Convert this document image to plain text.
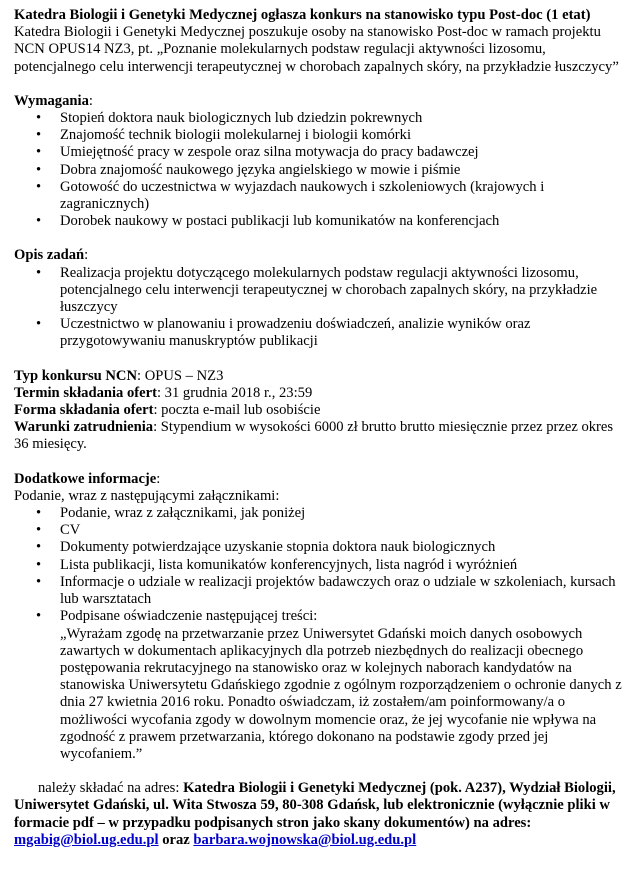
Katedra Biologii i Genetyki Medycznej ogłasza konkurs na stanowisko typu Post-doc (1 etat)

Katedra Biologii i Genetyki Medycznej poszukuje osoby na stanowisko Post-doc w ramach projektu NCN OPUS14 NZ3, pt. „Poznanie molekularnych podstaw regulacji aktywności lizosomu, potencjalnego celu interwencji terapeutycznej w chorobach zapalnych skóry, na przykładzie łuszczycy”

Wymagania:

• Stopień doktora nauk biologicznych lub dziedzin pokrewnych
• Znajomość technik biologii molekularnej i biologii komórki
• Umiejętność pracy w zespole oraz silna motywacja do pracy badawczej
• Dobra znajomość naukowego języka angielskiego w mowie i piśmie
• Gotowość do uczestnictwa w wyjazdach naukowych i szkoleniowych (krajowych i zagranicznych)
• Dorobek naukowy w postaci publikacji lub komunikatów na konferencjach

Opis zadań:

• Realizacja projektu dotyczącego molekularnych podstaw regulacji aktywności lizosomu, potencjalnego celu interwencji terapeutycznej w chorobach zapalnych skóry, na przykładzie łuszczycy
• Uczestnictwo w planowaniu i prowadzeniu doświadczeń, analizie wyników oraz przygotowywaniu manuskryptów publikacji

Typ konkursu NCN: OPUS – NZ3

Termin składania ofert: 31 grudnia 2018 r., 23:59

Forma składania ofert: poczta e-mail lub osobiście

Warunki zatrudnienia: Stypendium w wysokości 6000 zł brutto brutto miesięcznie przez przez okres 36 miesięcy.

Dodatkowe informacje:

Podanie, wraz z następującymi załącznikami:

• Podanie, wraz z załącznikami, jak poniżej
• CV
• Dokumenty potwierdzające uzyskanie stopnia doktora nauk biologicznych
• Lista publikacji, lista komunikatów konferencyjnych, lista nagród i wyróżnień
• Informacje o udziale w realizacji projektów badawczych oraz o udziale w szkoleniach, kursach lub warsztatach
• Podpisane oświadczenie następującej treści:
„Wyrażam zgodę na przetwarzanie przez Uniwersytet Gdański moich danych osobowych zawartych w dokumentach aplikacyjnych dla potrzeb niezbędnych do realizacji obecnego postępowania rekrutacyjnego na stanowisko oraz w kolejnych naborach kandydatów na stanowiska Uniwersytetu Gdańskiego zgodnie z ogólnym rozporządzeniem o ochronie danych z dnia 27 kwietnia 2016 roku. Ponadto oświadczam, iż zostałem/am poinformowany/a o możliwości wycofania zgody w dowolnym momencie oraz, że jej wycofanie nie wpływa na zgodność z prawem przetwarzania, którego dokonano na podstawie zgody przed jej wycofaniem.”

należy składać na adres: Katedra Biologii i Genetyki Medycznej (pok. A237), Wydział Biologii, Uniwersytet Gdański, ul. Wita Stwosza 59, 80-308 Gdańsk, lub elektronicznie (wyłącznie pliki w formacie pdf – w przypadku podpisanych stron jako skany dokumentów) na adres: mgabig@biol.ug.edu.pl oraz barbara.wojnowska@biol.ug.edu.pl
